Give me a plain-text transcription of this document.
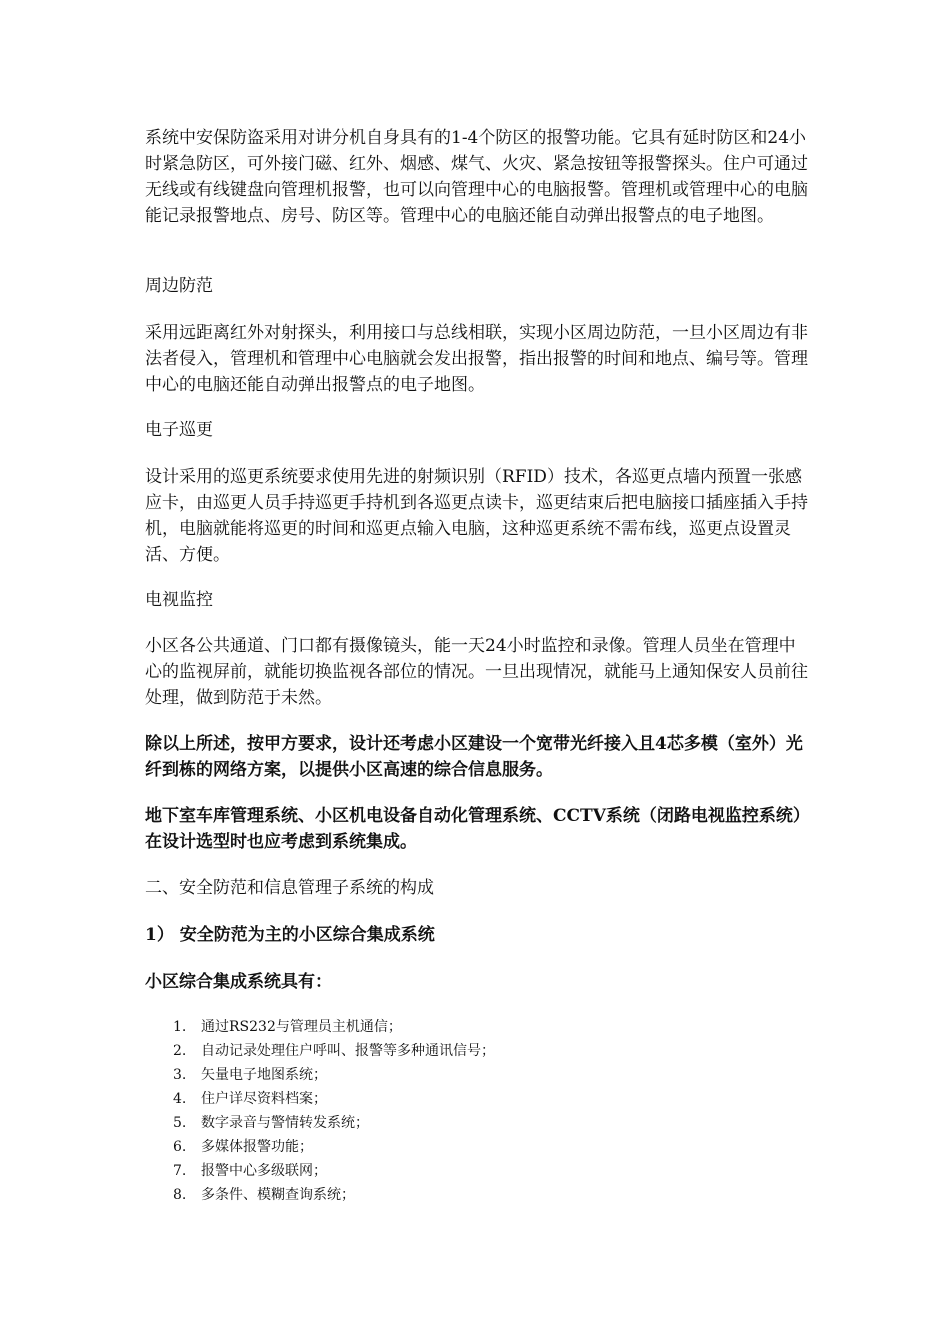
系统中安保防盗采用对讲分机自身具有的1-4个防区的报警功能。它具有延时防区和24小时紧急防区，可外接门磁、红外、烟感、煤气、火灾、紧急按钮等报警探头。住户可通过无线或有线键盘向管理机报警，也可以向管理中心的电脑报警。管理机或管理中心的电脑能记录报警地点、房号、防区等。管理中心的电脑还能自动弹出报警点的电子地图。

周边防范

采用远距离红外对射探头，利用接口与总线相联，实现小区周边防范，一旦小区周边有非法者侵入，管理机和管理中心电脑就会发出报警，指出报警的时间和地点、编号等。管理中心的电脑还能自动弹出报警点的电子地图。

电子巡更

设计采用的巡更系统要求使用先进的射频识别（RFID）技术，各巡更点墙内预置一张感应卡，由巡更人员手持巡更手持机到各巡更点读卡，巡更结束后把电脑接口插座插入手持机，电脑就能将巡更的时间和巡更点输入电脑，这种巡更系统不需布线，巡更点设置灵活、方便。

电视监控

小区各公共通道、门口都有摄像镜头，能一天24小时监控和录像。管理人员坐在管理中心的监视屏前，就能切换监视各部位的情况。一旦出现情况，就能马上通知保安人员前往处理，做到防范于未然。

除以上所述，按甲方要求，设计还考虑小区建设一个宽带光纤接入且4芯多模（室外）光纤到栋的网络方案，以提供小区高速的综合信息服务。

地下室车库管理系统、小区机电设备自动化管理系统、CCTV系统（闭路电视监控系统）在设计选型时也应考虑到系统集成。

二、安全防范和信息管理子系统的构成

1） 安全防范为主的小区综合集成系统

小区综合集成系统具有：

1.	通过RS232与管理员主机通信；
2.	自动记录处理住户呼叫、报警等多种通讯信号；
3.	矢量电子地图系统；
4.	住户详尽资料档案；
5.	数字录音与警情转发系统；
6.	多媒体报警功能；
7.	报警中心多级联网；
8.	多条件、模糊查询系统；
